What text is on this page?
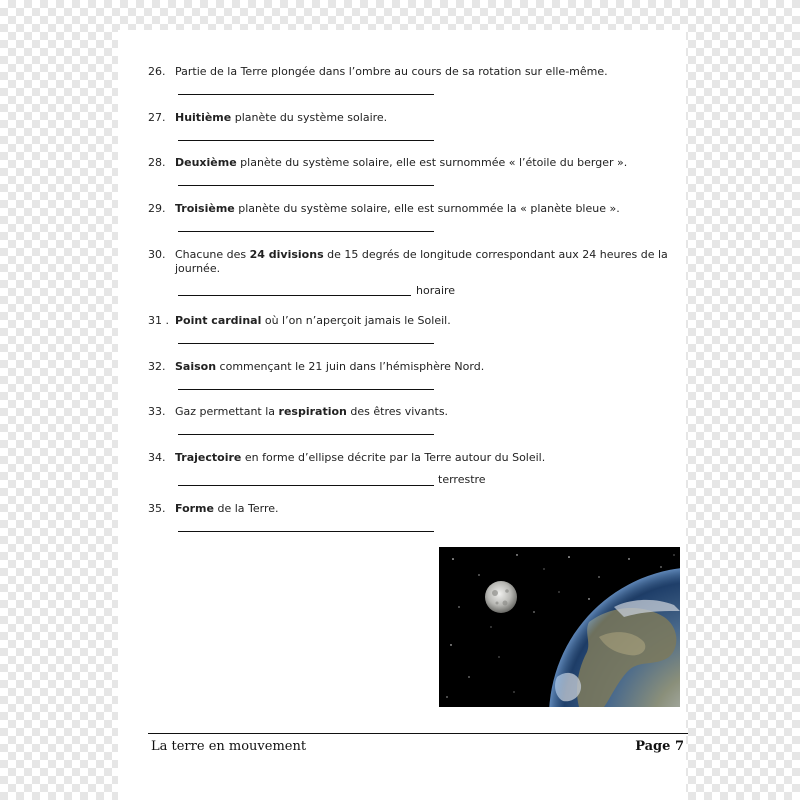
26. Partie de la Terre plongée dans l’ombre au cours de sa rotation sur elle-même.
27. Huitième planète du système solaire.
28. Deuxième planète du système solaire, elle est surnommée « l’étoile du berger ».
29. Troisième planète du système solaire, elle est surnommée la « planète bleue ».
30. Chacune des 24 divisions de 15 degrés de longitude correspondant aux 24 heures de la journée.
horaire
31 . Point cardinal où l’on n’aperçoit jamais le Soleil.
32. Saison commençant le 21 juin dans l’hémisphère Nord.
33. Gaz permettant la respiration des êtres vivants.
34. Trajectoire en forme d’ellipse décrite par la Terre autour du Soleil.
terrestre
35. Forme de la Terre.
La terre en mouvement	Page 7
